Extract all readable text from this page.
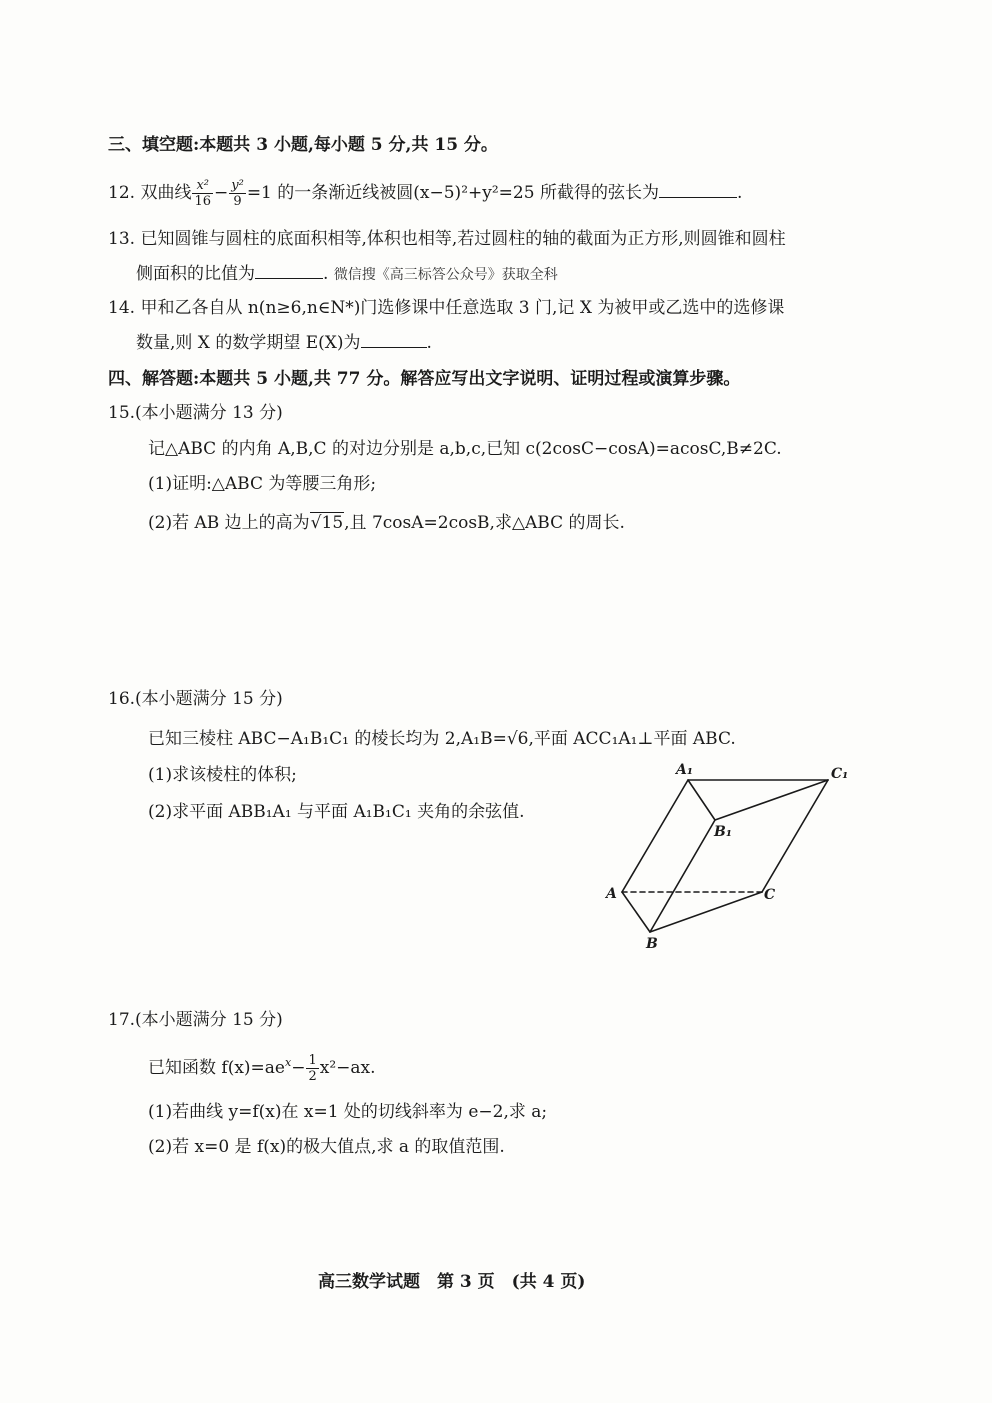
三、填空题:本题共 3 小题,每小题 5 分,共 15 分。
12. 双曲线 $\frac{\text{x²}}{16} - \frac{\text{y²}}{9} =1$ 的一条渐近线被圆(x−5)²+y²=25 所截得的弦长为	.
13. 已知圆锥与圆柱的底面积相等,体积也相等,若过圆柱的轴的截面为正方形,则圆锥和圆柱
侧面积的比值为	. 微信搜《高三标答公众号》获取全科
14. 甲和乙各自从 n(n≥6,n∈N*)门选修课中任意选取 3 门,记 X 为被甲或乙选中的选修课
数量,则 X 的数学期望 E(X)为	.
四、解答题:本题共 5 小题,共 77 分。解答应写出文字说明、证明过程或演算步骤。
15.(本小题满分 13 分)
记△ABC 的内角 A,B,C 的对边分别是 a,b,c,已知 c(2cosC−cosA)=acosC,B≠2C.
(1)证明:△ABC 为等腰三角形;
(2)若 AB 边上的高为√15,且 7cosA=2cosB,求△ABC 的周长.
16.(本小题满分 15 分)
已知三棱柱 ABC−A₁B₁C₁ 的棱长均为 2,A₁B=√6,平面 ACC₁A₁⊥平面 ABC.
(1)求该棱柱的体积;
(2)求平面 ABB₁A₁ 与平面 A₁B₁C₁ 夹角的余弦值.
A₁	C₁
B₁
A	C
B
17.(本小题满分 15 分)
已知函数 $f(x)=ae^x- \frac{1}{2} x^2-ax$.
(1)若曲线 y=f(x)在 x=1 处的切线斜率为 e−2,求 a;
(2)若 x=0 是 f(x)的极大值点,求 a 的取值范围.
高三数学试题　第 3 页　(共 4 页)
